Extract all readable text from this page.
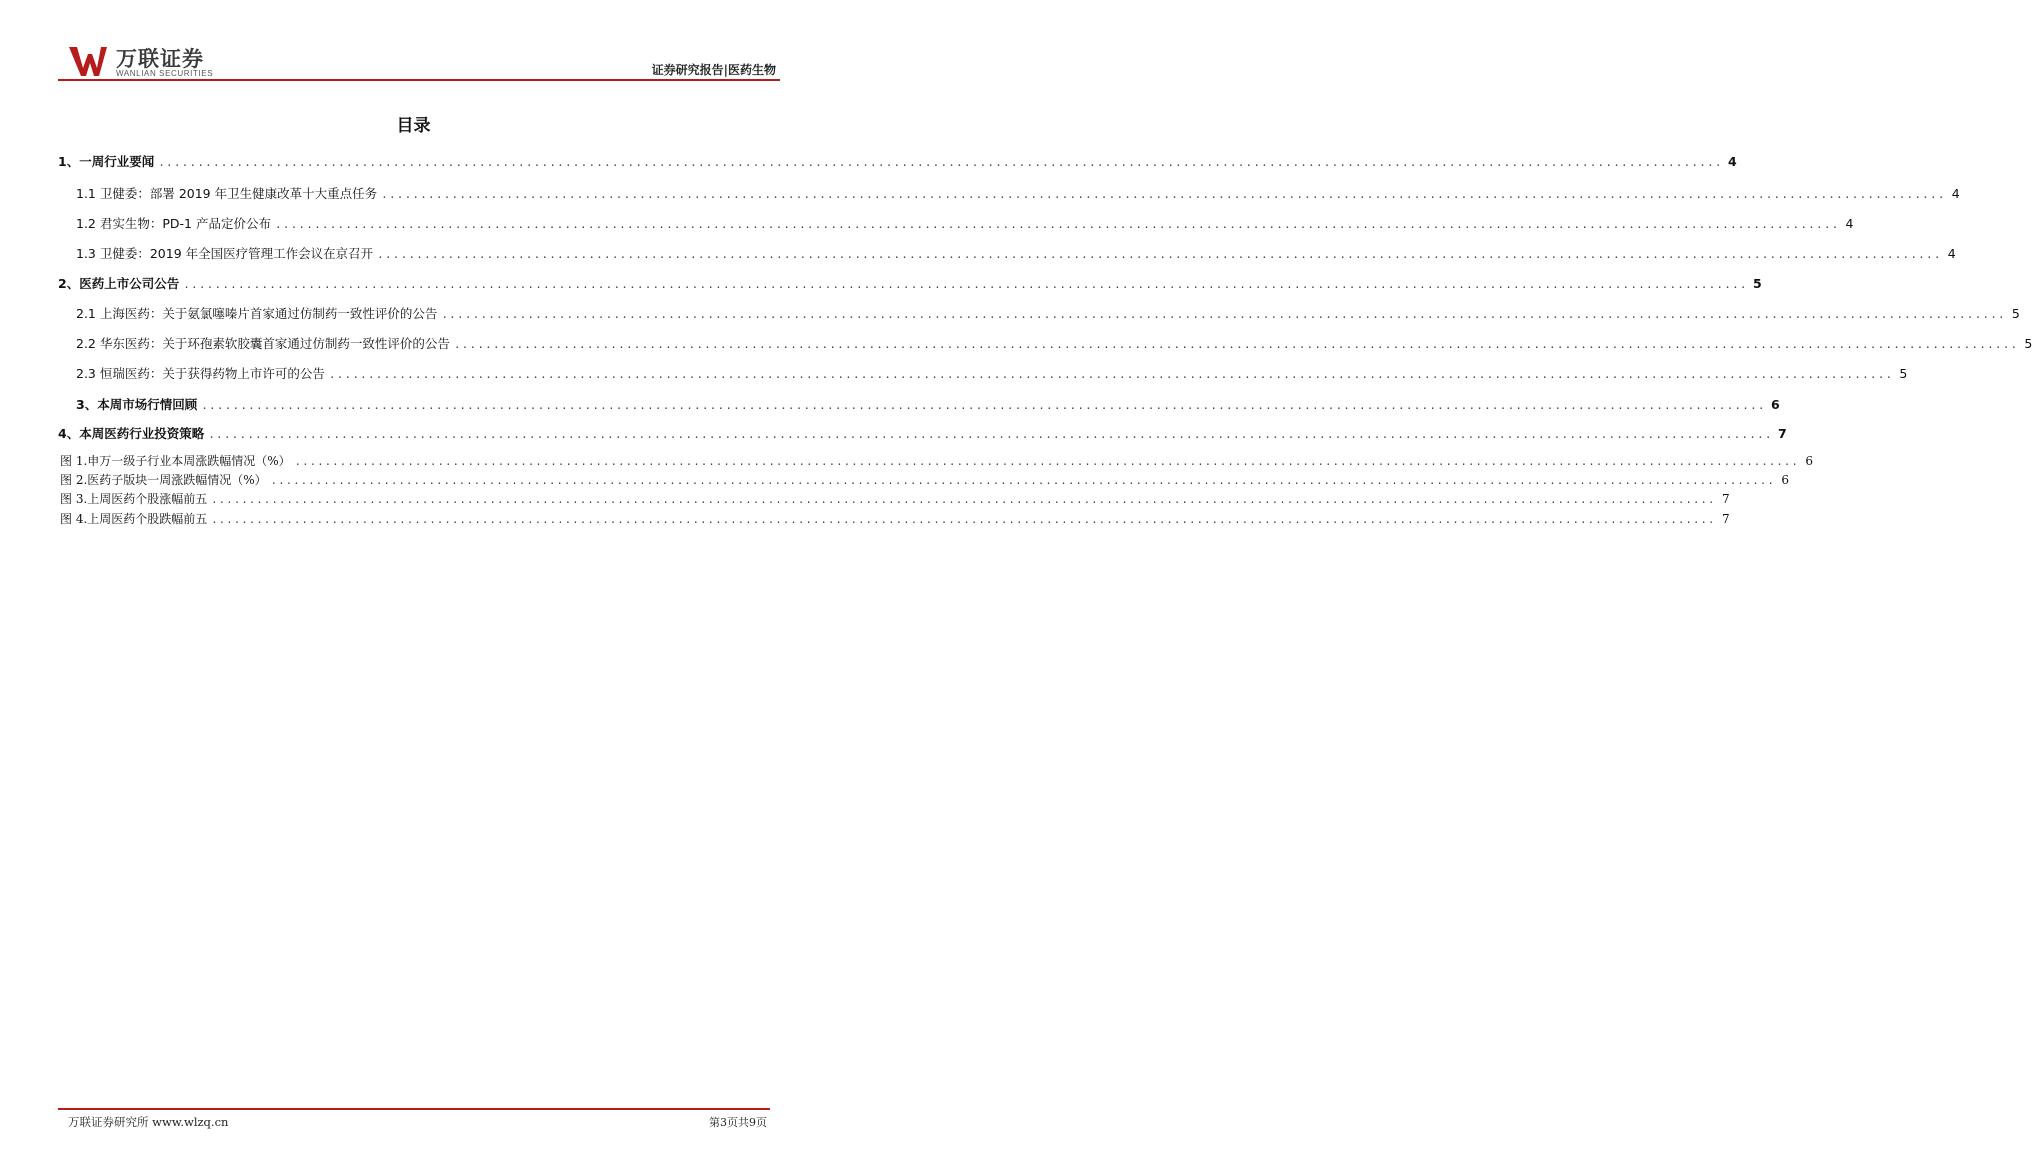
万联证券
WANLIAN SECURITIES	证券研究报告|医药生物
目录
1、一周行业要闻 ........................................................................................................................................................................................................ 4
1.1 卫健委：部署 2019 年卫生健康改革十大重点任务 ........................................................................................................................................................................................................ 4
1.2 君实生物：PD-1 产品定价公布 ........................................................................................................................................................................................................ 4
1.3 卫健委：2019 年全国医疗管理工作会议在京召开 ........................................................................................................................................................................................................ 4
2、医药上市公司公告 ........................................................................................................................................................................................................ 5
2.1 上海医药：关于氨氯噻嗪片首家通过仿制药一致性评价的公告 ........................................................................................................................................................................................................ 5
2.2 华东医药：关于环孢素软胶囊首家通过仿制药一致性评价的公告 ........................................................................................................................................................................................................ 5
2.3 恒瑞医药：关于获得药物上市许可的公告 ........................................................................................................................................................................................................ 5
3、本周市场行情回顾 ........................................................................................................................................................................................................ 6
4、本周医药行业投资策略 ........................................................................................................................................................................................................ 7
图 1.申万一级子行业本周涨跌幅情况（%） ........................................................................................................................................................................................................ 6
图 2.医药子版块一周涨跌幅情况（%） ........................................................................................................................................................................................................ 6
图 3.上周医药个股涨幅前五 ........................................................................................................................................................................................................ 7
图 4.上周医药个股跌幅前五 ........................................................................................................................................................................................................ 7
万联证券研究所 www.wlzq.cn	第3页共9页
